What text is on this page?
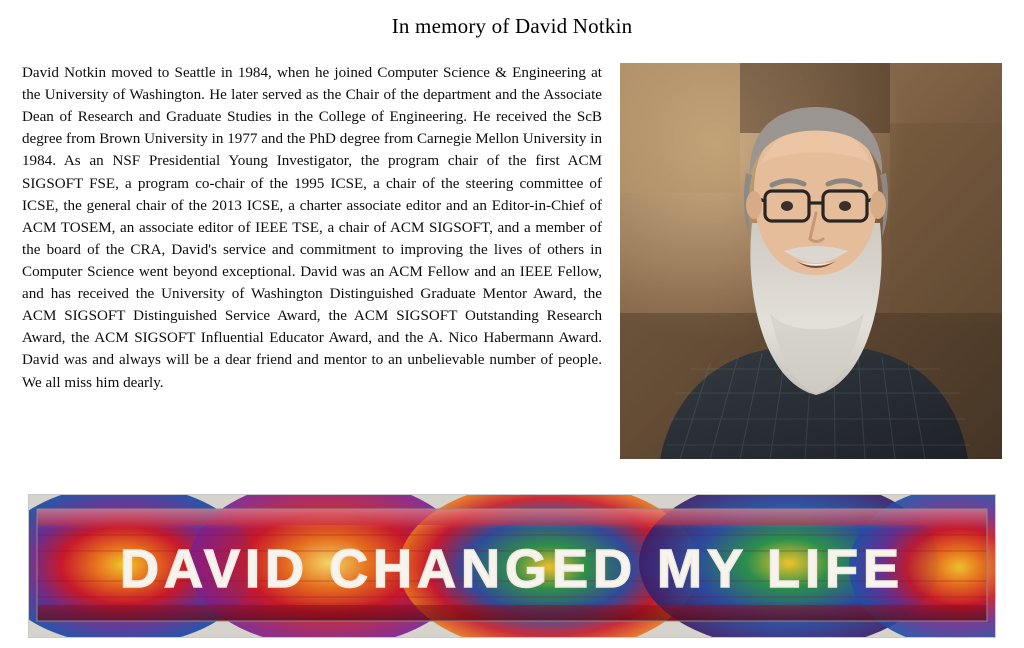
In memory of David Notkin
David Notkin moved to Seattle in 1984, when he joined Computer Science & Engineering at the University of Washington. He later served as the Chair of the department and the Associate Dean of Research and Graduate Studies in the College of Engineering. He received the ScB degree from Brown University in 1977 and the PhD degree from Carnegie Mellon University in 1984. As an NSF Presidential Young Investigator, the program chair of the first ACM SIGSOFT FSE, a program co-chair of the 1995 ICSE, a chair of the steering committee of ICSE, the general chair of the 2013 ICSE, a charter associate editor and an Editor-in-Chief of ACM TOSEM, an associate editor of IEEE TSE, a chair of ACM SIGSOFT, and a member of the board of the CRA, David's service and commitment to improving the lives of others in Computer Science went beyond exceptional. David was an ACM Fellow and an IEEE Fellow, and has received the University of Washington Distinguished Graduate Mentor Award, the ACM SIGSOFT Distinguished Service Award, the ACM SIGSOFT Outstanding Research Award, the ACM SIGSOFT Influential Educator Award, and the A. Nico Habermann Award. David was and always will be a dear friend and mentor to an unbelievable number of people. We all miss him dearly.
DAVID CHANGED MY LIFE
